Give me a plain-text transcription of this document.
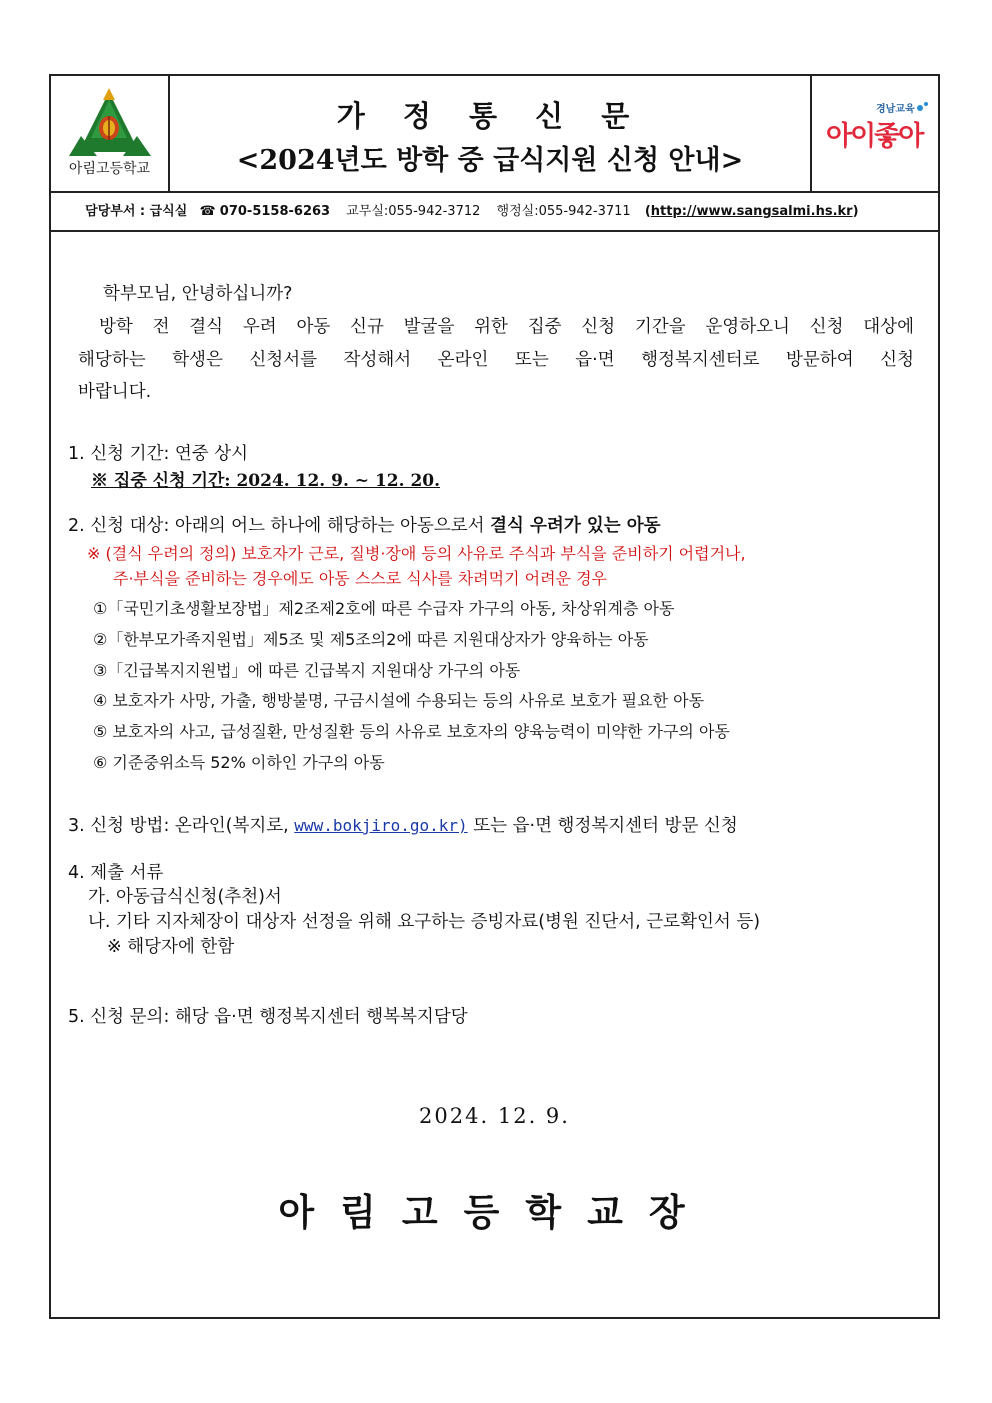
아림고등학교
가 정 통 신 문
<2024년도 방학 중 급식지원 신청 안내>
경남교육
아이좋아
담당부서 : 급식실 ☎ 070-5158-6263 교무실:055-942-3712 행정실:055-942-3711 (http://www.sangsalmi.hs.kr)
학부모님, 안녕하십니까?
방학 전 결식 우려 아동 신규 발굴을 위한 집중 신청 기간을 운영하오니 신청 대상에
해당하는 학생은 신청서를 작성해서 온라인 또는 읍·면 행정복지센터로 방문하여 신청
바랍니다.
1. 신청 기간: 연중 상시
※ 집중 신청 기간: 2024. 12. 9. ~ 12. 20.
2. 신청 대상: 아래의 어느 하나에 해당하는 아동으로서 결식 우려가 있는 아동
※ (결식 우려의 정의) 보호자가 근로, 질병·장애 등의 사유로 주식과 부식을 준비하기 어렵거나,
주·부식을 준비하는 경우에도 아동 스스로 식사를 차려먹기 어려운 경우
①「국민기초생활보장법」제2조제2호에 따른 수급자 가구의 아동, 차상위계층 아동
②「한부모가족지원법」제5조 및 제5조의2에 따른 지원대상자가 양육하는 아동
③「긴급복지지원법」에 따른 긴급복지 지원대상 가구의 아동
④ 보호자가 사망, 가출, 행방불명, 구금시설에 수용되는 등의 사유로 보호가 필요한 아동
⑤ 보호자의 사고, 급성질환, 만성질환 등의 사유로 보호자의 양육능력이 미약한 가구의 아동
⑥ 기준중위소득 52% 이하인 가구의 아동
3. 신청 방법: 온라인(복지로, www.bokjiro.go.kr) 또는 읍·면 행정복지센터 방문 신청
4. 제출 서류
가. 아동급식신청(추천)서
나. 기타 지자체장이 대상자 선정을 위해 요구하는 증빙자료(병원 진단서, 근로확인서 등)
※ 해당자에 한함
5. 신청 문의: 해당 읍·면 행정복지센터 행복복지담당
2024. 12. 9.
아림고등학교장
